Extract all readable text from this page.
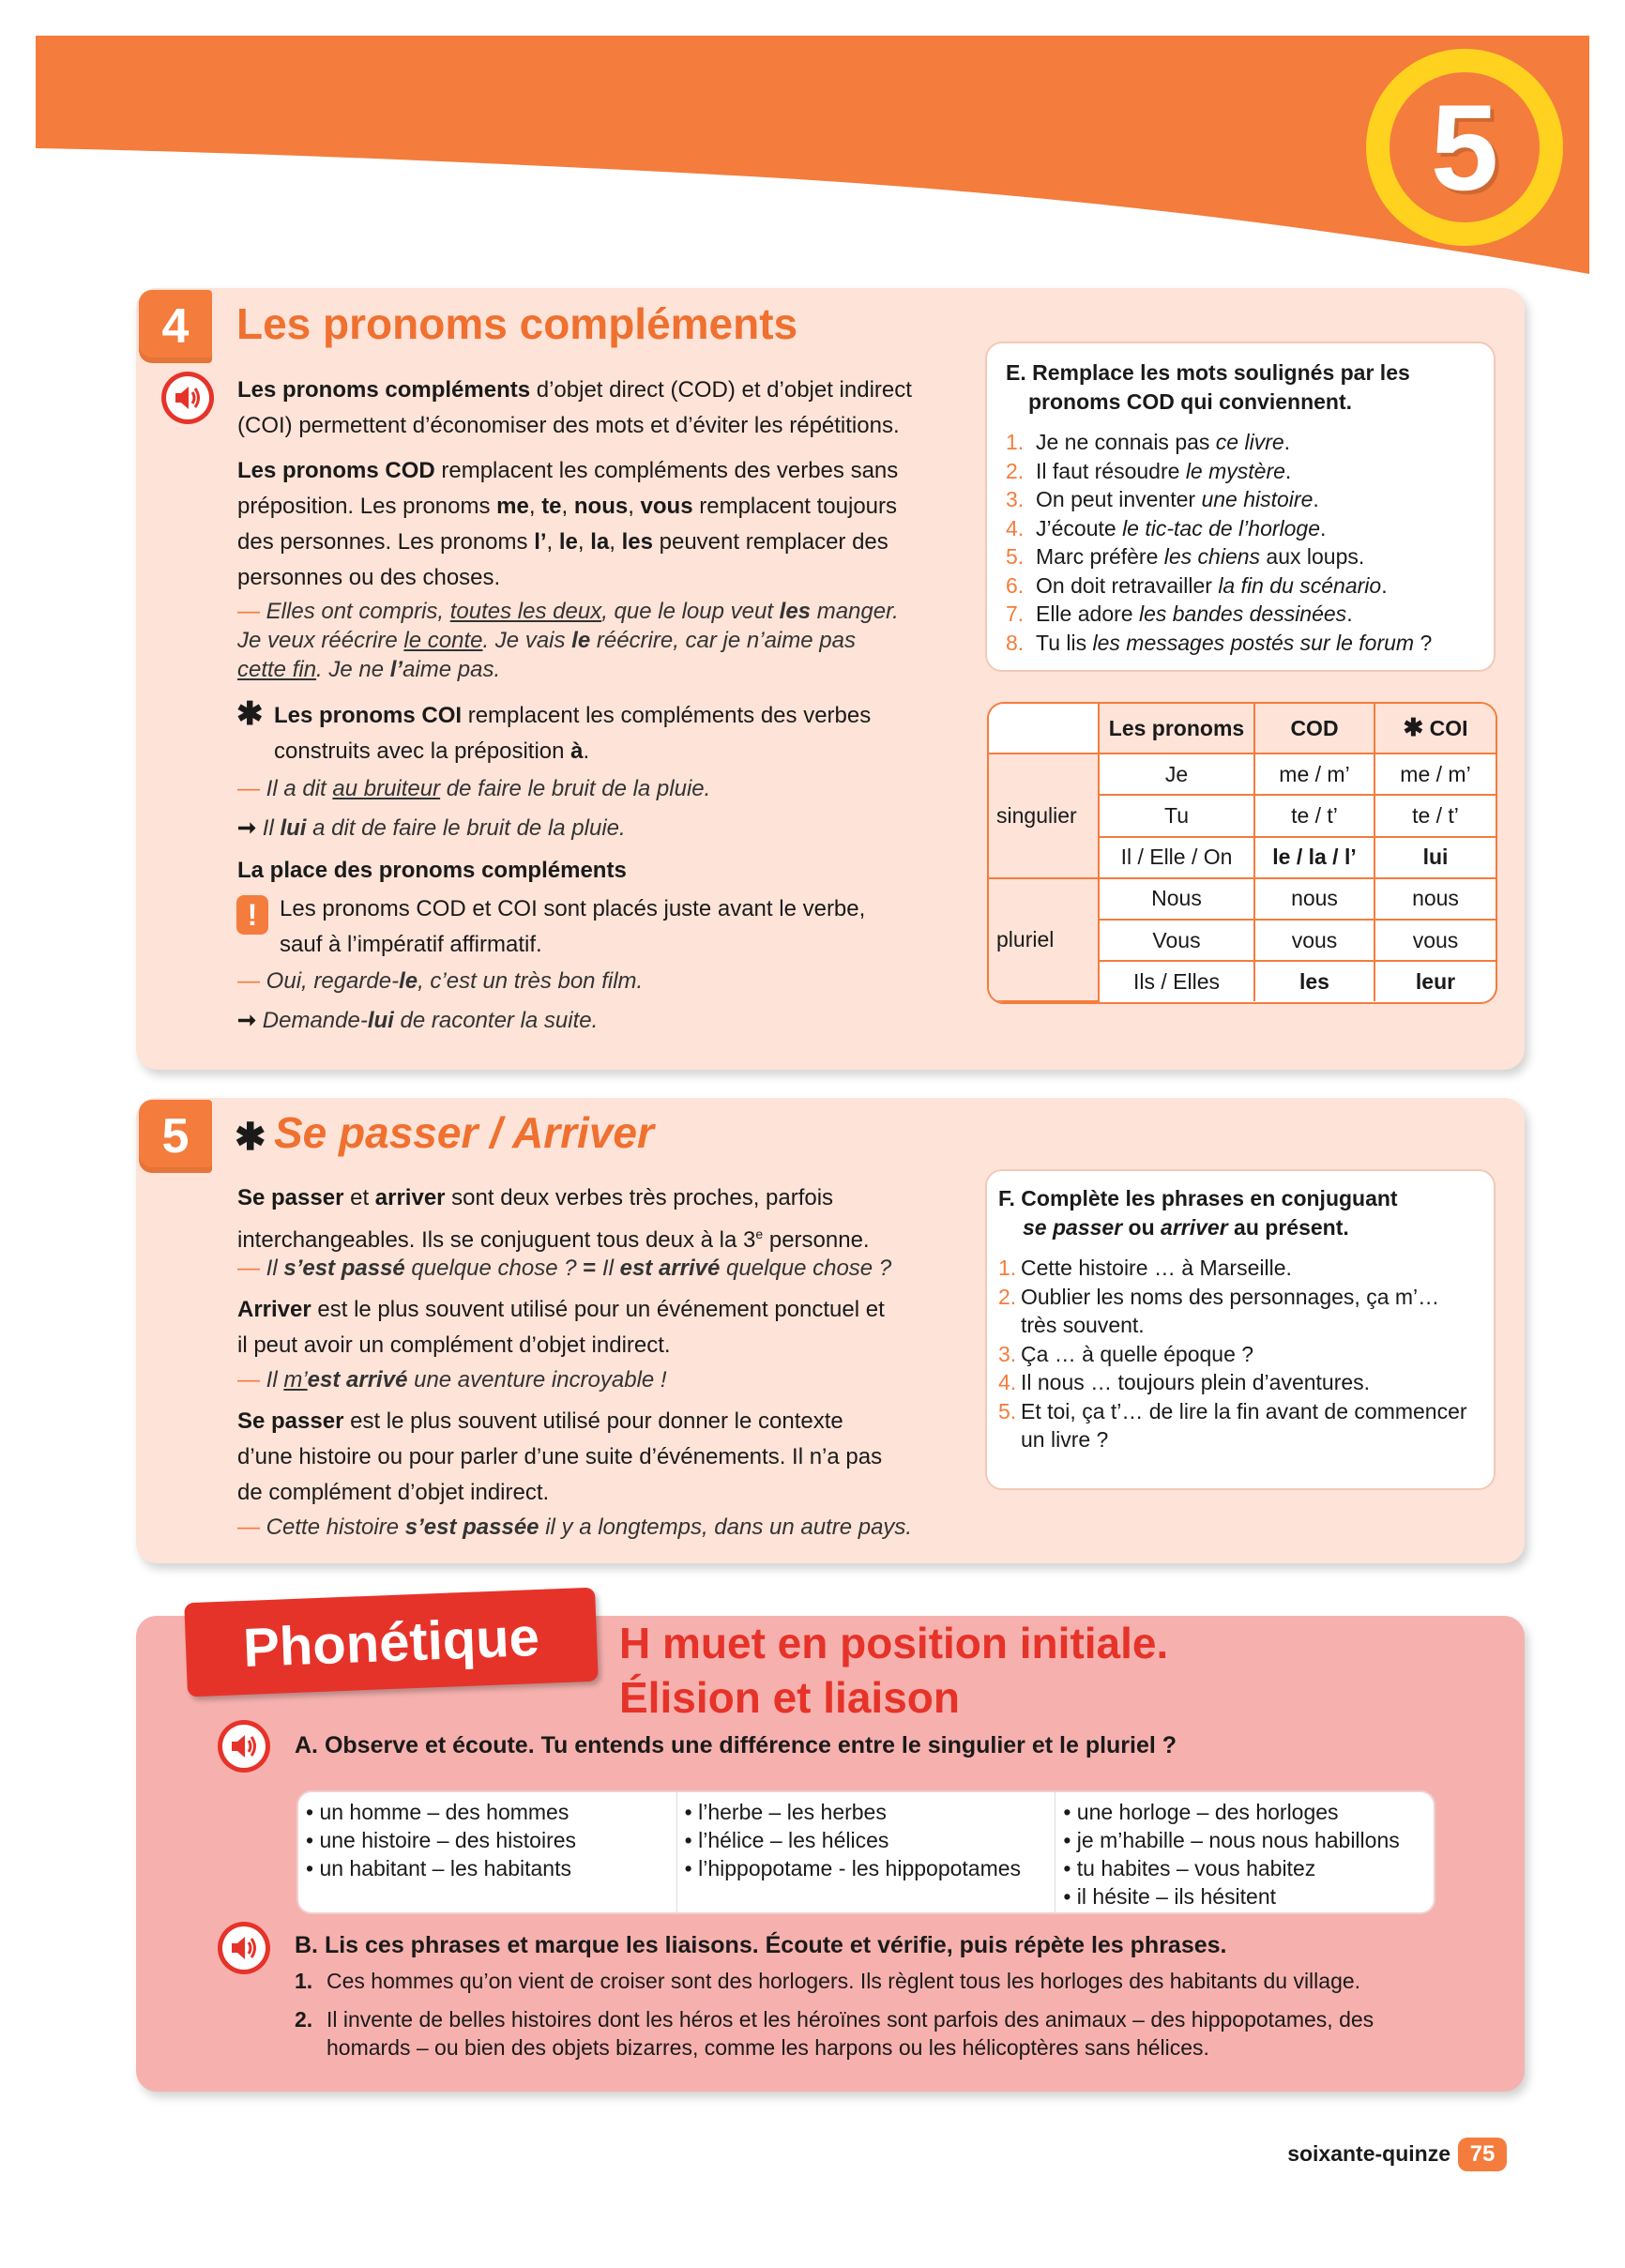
5
4	Les pronoms compléments
Les pronoms compléments d’objet direct (COD) et d’objet indirect
(COI) permettent d’économiser des mots et d’éviter les répétitions.
Les pronoms COD remplacent les compléments des verbes sans
préposition. Les pronoms me, te, nous, vous remplacent toujours
des personnes. Les pronoms l’, le, la, les peuvent remplacer des
personnes ou des choses.
— Elles ont compris, toutes les deux, que le loup veut les manger.
Je veux réécrire le conte. Je vais le réécrire, car je n’aime pas
cette fin. Je ne l’aime pas.
✱ Les pronoms COI remplacent les compléments des verbes
construits avec la préposition à.
— Il a dit au bruiteur de faire le bruit de la pluie.
➞ Il lui a dit de faire le bruit de la pluie.
La place des pronoms compléments
! Les pronoms COD et COI sont placés juste avant le verbe,
sauf à l’impératif affirmatif.
— Oui, regarde-le, c’est un très bon film.
➞ Demande-lui de raconter la suite.
E. Remplace les mots soulignés par les
pronoms COD qui conviennent.
1. Je ne connais pas ce livre.
2. Il faut résoudre le mystère.
3. On peut inventer une histoire.
4. J’écoute le tic-tac de l’horloge.
5. Marc préfère les chiens aux loups.
6. On doit retravailler la fin du scénario.
7. Elle adore les bandes dessinées.
8. Tu lis les messages postés sur le forum ?
	Les pronoms	COD	✱ COI
singulier	Je	me / m’	me / m’
	Tu	te / t’	te / t’
	Il / Elle / On	le / la / l’	lui
pluriel	Nous	nous	nous
	Vous	vous	vous
	Ils / Elles	les	leur
5	✱ Se passer / Arriver
Se passer et arriver sont deux verbes très proches, parfois
interchangeables. Ils se conjuguent tous deux à la 3e personne.
— Il s’est passé quelque chose ? = Il est arrivé quelque chose ?
Arriver est le plus souvent utilisé pour un événement ponctuel et
il peut avoir un complément d’objet indirect.
— Il m’est arrivé une aventure incroyable !
Se passer est le plus souvent utilisé pour donner le contexte
d’une histoire ou pour parler d’une suite d’événements. Il n’a pas
de complément d’objet indirect.
— Cette histoire s’est passée il y a longtemps, dans un autre pays.
F. Complète les phrases en conjuguant
se passer ou arriver au présent.
1. Cette histoire … à Marseille.
2. Oublier les noms des personnages, ça m’… très souvent.
3. Ça … à quelle époque ?
4. Il nous … toujours plein d’aventures.
5. Et toi, ça t’… de lire la fin avant de commencer un livre ?
Phonétique	H muet en position initiale.
Élision et liaison
A. Observe et écoute. Tu entends une différence entre le singulier et le pluriel ?
• un homme – des hommes
• une histoire – des histoires
• un habitant – les habitants
• l’herbe – les herbes
• l’hélice – les hélices
• l’hippopotame - les hippopotames
• une horloge – des horloges
• je m’habille – nous nous habillons
• tu habites – vous habitez
• il hésite – ils hésitent
B. Lis ces phrases et marque les liaisons. Écoute et vérifie, puis répète les phrases.
1. Ces hommes qu’on vient de croiser sont des horlogers. Ils règlent tous les horloges des habitants du village.
2. Il invente de belles histoires dont les héros et les héroïnes sont parfois des animaux – des hippopotames, des homards – ou bien des objets bizarres, comme les harpons ou les hélicoptères sans hélices.
soixante-quinze 75
